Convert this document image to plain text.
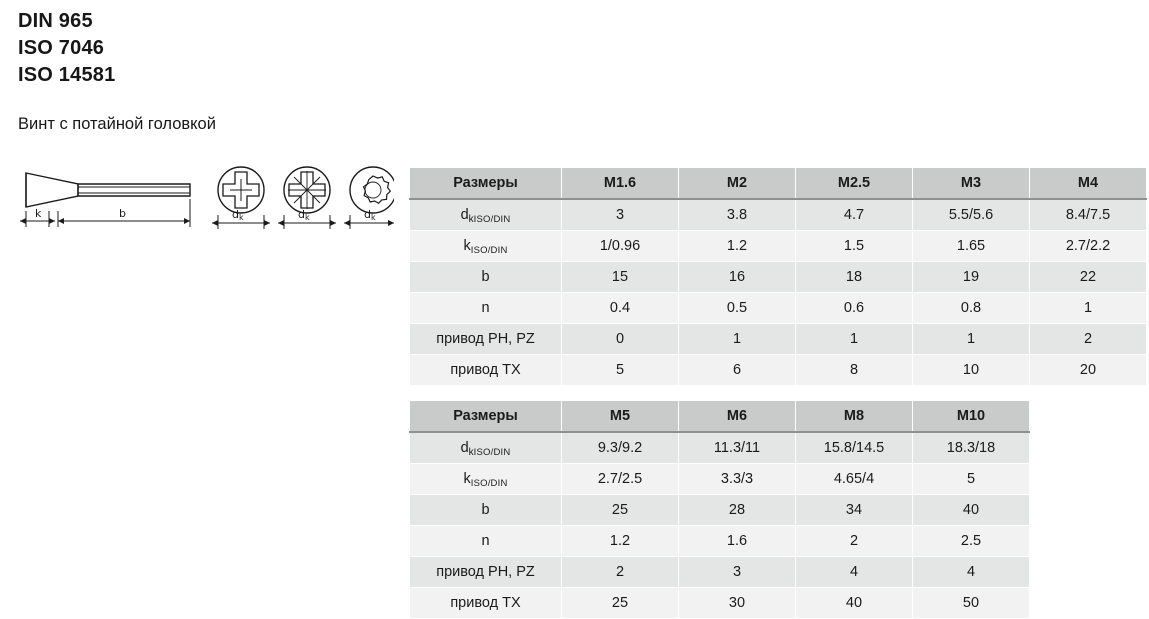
DIN 965
ISO 7046
ISO 14581
Винт с потайной головкой
k	b	dk	dk	dk
Размеры	M1.6	M2	M2.5	M3	M4
$d_{kISO/DIN}$	3	3.8	4.7	5.5/5.6	8.4/7.5
$k_{ISO/DIN}$	1/0.96	1.2	1.5	1.65	2.7/2.2
b	15	16	18	19	22
n	0.4	0.5	0.6	0.8	1
привод PH, PZ	0	1	1	1	2
привод TX	5	6	8	10	20
Размеры	M5	M6	M8	M10
$d_{kISO/DIN}$	9.3/9.2	11.3/11	15.8/14.5	18.3/18
$k_{ISO/DIN}$	2.7/2.5	3.3/3	4.65/4	5
b	25	28	34	40
n	1.2	1.6	2	2.5
привод PH, PZ	2	3	4	4
привод TX	25	30	40	50
